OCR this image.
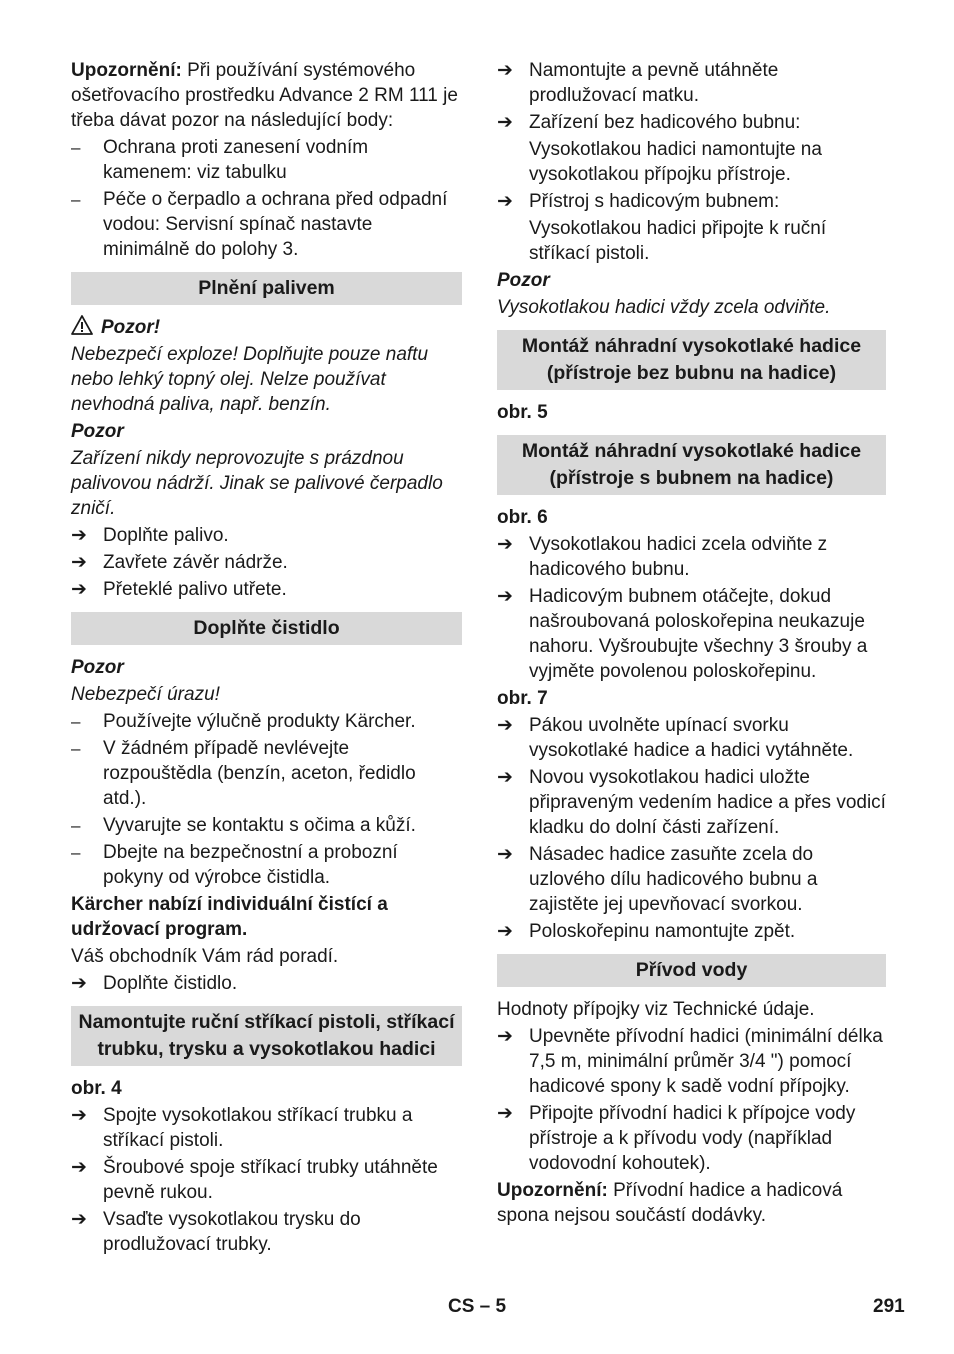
Upozornění: Při používání systémového ošetřovacího prostředku Advance 2 RM 111 je třeba dávat pozor na následující body:

–	Ochrana proti zanesení vodním kamenem: viz tabulku
–	Péče o čerpadlo a ochrana před odpadní vodou: Servisní spínač nastavte minimálně do polohy 3.
Plnění palivem

Pozor!

Nebezpečí exploze! Doplňujte pouze naftu nebo lehký topný olej. Nelze používat nevhodná paliva, např. benzín.

Pozor

Zařízení nikdy neprovozujte s prázdnou palivovou nádrží. Jinak se palivové čerpadlo zničí.

➔ Doplňte palivo.
➔ Zavřete závěr nádrže.
➔ Přeteklé palivo utřete.
Doplňte čistidlo

Pozor

Nebezpečí úrazu!

–	Používejte výlučně produkty Kärcher.
–	V žádném případě nevlévejte rozpouštědla (benzín, aceton, ředidlo atd.).
–	Vyvarujte se kontaktu s očima a kůží.
–	Dbejte na bezpečnostní a probozní pokyny od výrobce čistidla.

Kärcher nabízí individuální čistící a udržovací program.

Váš obchodník Vám rád poradí.

➔ Doplňte čistidlo.
Namontujte ruční stříkací pistoli, stříkací trubku, trysku a vysokotlakou hadici

obr. 4

➔ Spojte vysokotlakou stříkací trubku a stříkací pistoli.
➔ Šroubové spoje stříkací trubky utáhněte pevně rukou.
➔ Vsaďte vysokotlakou trysku do prodlužovací trubky.
➔ Namontujte a pevně utáhněte prodlužovací matku.
➔ Zařízení bez hadicového bubnu:
Vysokotlakou hadici namontujte na vysokotlakou přípojku přístroje.
➔ Přístroj s hadicovým bubnem:
Vysokotlakou hadici připojte k ruční stříkací pistoli.

Pozor

Vysokotlakou hadici vždy zcela odviňte.

Montáž náhradní vysokotlaké hadice (přístroje bez bubnu na hadice)

obr. 5

Montáž náhradní vysokotlaké hadice (přístroje s bubnem na hadice)

obr. 6

➔ Vysokotlakou hadici zcela odviňte z hadicového bubnu.
➔ Hadicovým bubnem otáčejte, dokud našroubovaná poloskořepina neukazuje nahoru. Vyšroubujte všechny 3 šrouby a vyjměte povolenou poloskořepinu.

obr. 7

➔ Pákou uvolněte upínací svorku vysokotlaké hadice a hadici vytáhněte.
➔ Novou vysokotlakou hadici uložte připraveným vedením hadice a přes vodicí kladku do dolní části zařízení.
➔ Násadec hadice zasuňte zcela do uzlového dílu hadicového bubnu a zajistěte jej upevňovací svorkou.
➔ Poloskořepinu namontujte zpět.
Přívod vody

Hodnoty přípojky viz Technické údaje.

➔ Upevněte přívodní hadici (minimální délka 7,5 m, minimální průměr 3/4 ") pomocí hadicové spony k sadě vodní přípojky.
➔ Připojte přívodní hadici k přípojce vody přístroje a k přívodu vody (například vodovodní kohoutek).

Upozornění: Přívodní hadice a hadicová spona nejsou součástí dodávky.

CS – 5	291
